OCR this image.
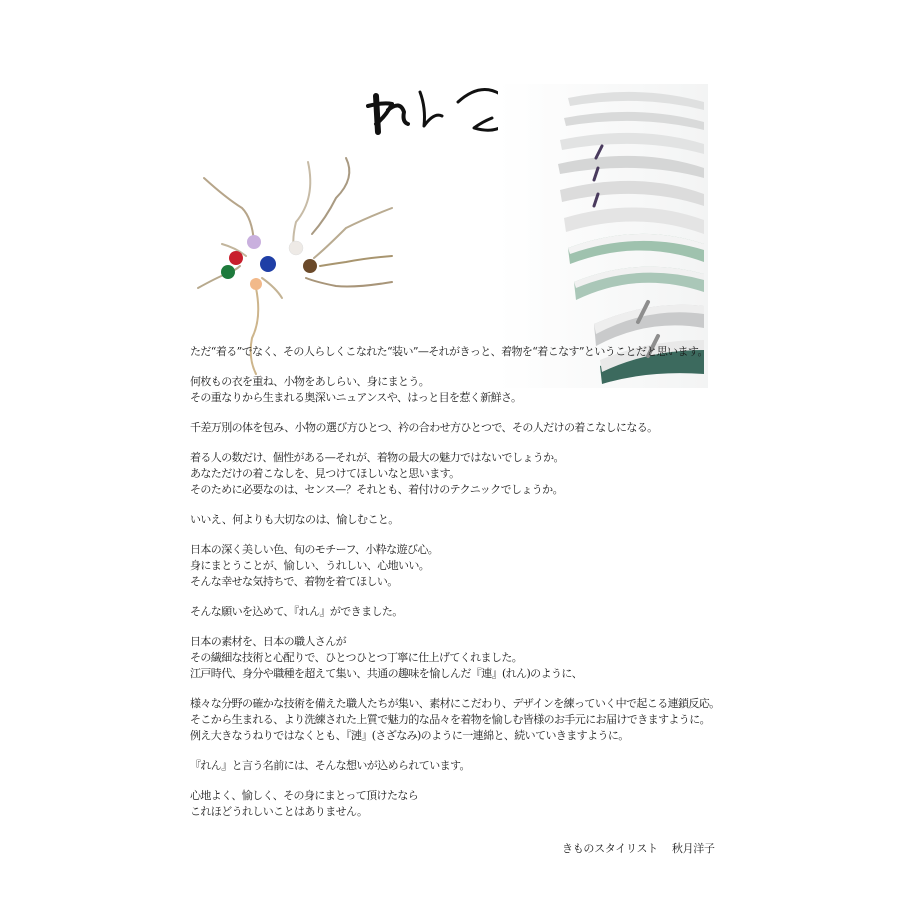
ただ“着る”でなく、その人らしくこなれた“装い”—それがきっと、着物を“着こなす”ということだと思います。

何枚もの衣を重ね、小物をあしらい、身にまとう。
その重なりから生まれる奥深いニュアンスや、はっと目を惹く新鮮さ。

千差万別の体を包み、小物の選び方ひとつ、衿の合わせ方ひとつで、その人だけの着こなしになる。

着る人の数だけ、個性がある—それが、着物の最大の魅力ではないでしょうか。
あなただけの着こなしを、見つけてほしいなと思います。
そのために必要なのは、センス—？それとも、着付けのテクニックでしょうか。

いいえ、何よりも大切なのは、愉しむこと。

日本の深く美しい色、旬のモチーフ、小粋な遊び心。
身にまとうことが、愉しい、うれしい、心地いい。
そんな幸せな気持ちで、着物を着てほしい。

そんな願いを込めて、『れん』ができました。

日本の素材を、日本の職人さんが
その繊細な技術と心配りで、ひとつひとつ丁寧に仕上げてくれました。
江戸時代、身分や職種を超えて集い、共通の趣味を愉しんだ『連』(れん)のように、

様々な分野の確かな技術を備えた職人たちが集い、素材にこだわり、デザインを練っていく中で起こる連鎖反応。
そこから生まれる、より洗練された上質で魅力的な品々を着物を愉しむ皆様のお手元にお届けできますように。
例え大きなうねりではなくとも、『漣』(さざなみ)のように一連綿と、続いていきますように。

『れん』と言う名前には、そんな想いが込められています。

心地よく、愉しく、その身にまとって頂けたなら
これほどうれしいことはありません。

きものスタイリスト 秋月洋子
